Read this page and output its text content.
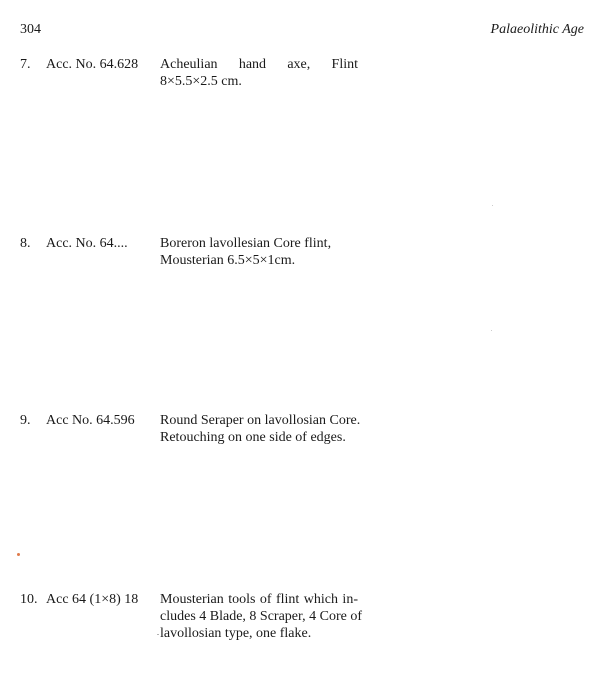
304	Palaeolithic Age
7. Acc. No. 64.628 Acheulian hand axe, Flint
8×5.5×2.5 cm.
8. Acc. No. 64.... Boreron lavollesian Core flint,
Mousterian 6.5×5×1cm.
9. Acc No. 64.596 Round Seraper on lavollosian Core.
Retouching on one side of edges.
10. Acc 64 (1×8) 18 Mousterian tools of flint which in-
cludes 4 Blade, 8 Scraper, 4 Core of
lavollosian type, one flake.
